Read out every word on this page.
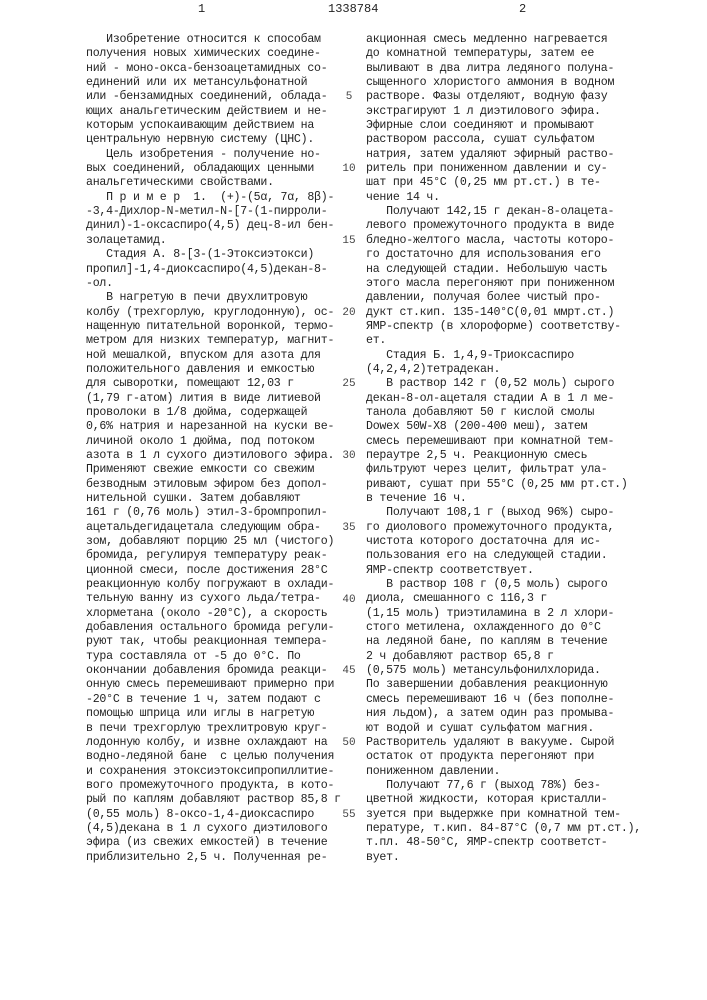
1	1338784	2
Изобретение относится к способам
получения новых химических соедине-
ний - моно-окса-бензоацетамидных со-
единений или их метансульфонатной
или -бензамидных соединений, облада-
ющих анальгетическим действием и не-
которым успокаивающим действием на
центральную нервную систему (ЦНС).
Цель изобретения - получение но-
вых соединений, обладающих ценными
анальгетическими свойствами.
П р и м е р  1.  (+)-(5α, 7α, 8β)-
-3,4-Дихлор-N-метил-N-[7-(1-пирроли-
динил)-1-оксаспиро(4,5) дец-8-ил бен-
золацетамид.
Стадия А. 8-[3-(1-Этоксиэтокси)
пропил]-1,4-диоксаспиро(4,5)декан-8-
-ол.
В нагретую в печи двухлитровую
колбу (трехгорлую, круглодонную), ос-
нащенную питательной воронкой, термо-
метром для низких температур, магнит-
ной мешалкой, впуском для азота для
положительного давления и емкостью
для сыворотки, помещают 12,03 г
(1,79 г-атом) лития в виде литиевой
проволоки в 1/8 дюйма, содержащей
0,6% натрия и нарезанной на куски ве-
личиной около 1 дюйма, под потоком
азота в 1 л сухого диэтилового эфира.
Применяют свежие емкости со свежим
безводным этиловым эфиром без допол-
нительной сушки. Затем добавляют
161 г (0,76 моль) этил-3-бромпропил-
ацетальдегидацетала следующим обра-
зом, добавляют порцию 25 мл (чистого)
бромида, регулируя температуру реак-
ционной смеси, после достижения 28°C
реакционную колбу погружают в охлади-
тельную ванну из сухого льда/тетра-
хлорметана (около -20°C), а скорость
добавления остального бромида регули-
руют так, чтобы реакционная темпера-
тура составляла от -5 до 0°C. По
окончании добавления бромида реакци-
онную смесь перемешивают примерно при
-20°C в течение 1 ч, затем подают с
помощью шприца или иглы в нагретую
в печи трехгорлую трехлитровую круг-
лодонную колбу, и извне охлаждают на
водно-ледяной бане  с целью получения
и сохранения этоксиэтоксипропиллитие-
вого промежуточного продукта, в кото-
рый по каплям добавляют раствор 85,8 г
(0,55 моль) 8-оксо-1,4-диоксаспиро
(4,5)декана в 1 л сухого диэтилового
эфира (из свежих емкостей) в течение
приблизительно 2,5 ч. Полученная ре-
акционная смесь медленно нагревается
до комнатной температуры, затем ее
выливают в два литра ледяного полуна-
сыщенного хлористого аммония в водном
растворе. Фазы отделяют, водную фазу
экстрагируют 1 л диэтилового эфира.
Эфирные слои соединяют и промывают
раствором рассола, сушат сульфатом
натрия, затем удаляют эфирный раство-
ритель при пониженном давлении и су-
шат при 45°C (0,25 мм рт.ст.) в те-
чение 14 ч.
Получают 142,15 г декан-8-олацета-
левого промежуточного продукта в виде
бледно-желтого масла, частоты которо-
го достаточно для использования его
на следующей стадии. Небольшую часть
этого масла перегоняют при пониженном
давлении, получая более чистый про-
дукт ст.кип. 135-140°C(0,01 ммрт.ст.)
ЯМР-спектр (в хлороформе) соответству-
ет.
Стадия Б. 1,4,9-Триоксаспиро
(4,2,4,2)тетрадекан.
В раствор 142 г (0,52 моль) сырого
декан-8-ол-ацеталя стадии А в 1 л ме-
танола добавляют 50 г кислой смолы
Dowex 50W-X8 (200-400 меш), затем
смесь перемешивают при комнатной тем-
пераутре 2,5 ч. Реакционную смесь
фильтруют через целит, фильтрат ула-
ривают, сушат при 55°C (0,25 мм рт.ст.)
в течение 16 ч.
Получают 108,1 г (выход 96%) сыро-
го диолового промежуточного продукта,
чистота которого достаточна для ис-
пользования его на следующей стадии.
ЯМР-спектр соответствует.
В раствор 108 г (0,5 моль) сырого
диола, смешанного с 116,3 г
(1,15 моль) триэтиламина в 2 л хлори-
стого метилена, охлажденного до 0°C
на ледяной бане, по каплям в течение
2 ч добавляют раствор 65,8 г
(0,575 моль) метансульфонилхлорида.
По завершении добавления реакционную
смесь перемешивают 16 ч (без пополне-
ния льдом), а затем один раз промыва-
ют водой и сушат сульфатом магния.
Растворитель удаляют в вакууме. Сырой
остаток от продукта перегоняют при
пониженном давлении.
Получают 77,6 г (выход 78%) без-
цветной жидкости, которая кристалли-
зуется при выдержке при комнатной тем-
пературе, т.кип. 84-87°C (0,7 мм рт.ст.),
т.пл. 48-50°C, ЯМР-спектр соответст-
вует.
5
10
15
20
25
30
35
40
45
50
55
